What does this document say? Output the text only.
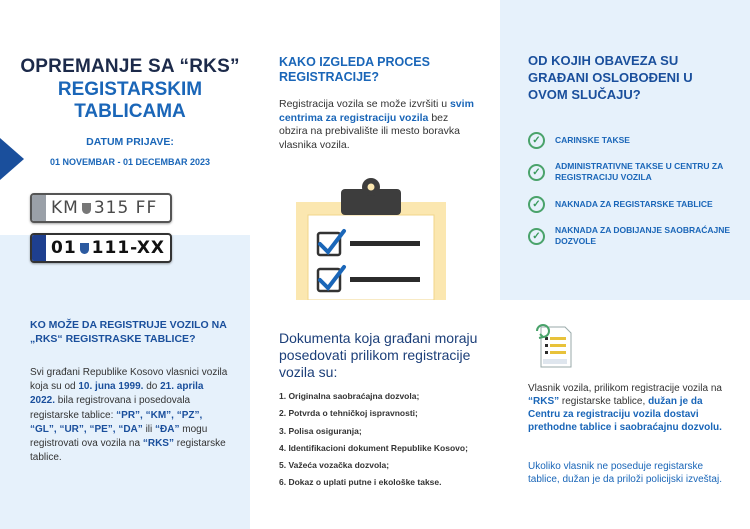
OPREMANJE SA “RKS”
REGISTARSKIM
TABLICAMA
DATUM PRIJAVE:
01 NOVEMBAR - 01 DECEMBAR 2023
KM 315 FF
01 111-XX
KO MOŽE DA REGISTRUJE VOZILO NA „RKS“ REGISTRASKE TABLICE?
Svi građani Republike Kosovo vlasnici vozila koja su od 10. juna 1999. do 21. aprila 2022. bila registrovana i posedovala registarske tablice: “PR”, “KM”, “PZ”, “GL”, “UR”, “PE”, “DA” ili “ĐA” mogu registrovati ova vozila na “RKS” registarske tablice.
KAKO IZGLEDA PROCES REGISTRACIJE?
Registracija vozila se može izvršiti u svim centrima za registraciju vozila bez obzira na prebivalište ili mesto boravka vlasnika vozila.
Dokumenta koja građani moraju posedovati prilikom registracije vozila su:
1. Originalna saobraćajna dozvola;
2. Potvrda o tehničkoj ispravnosti;
3. Polisa osiguranja;
4. Identifikacioni dokument Republike Kosovo;
5. Važeća vozačka dozvola;
6. Dokaz o uplati putne i ekološke takse.
OD KOJIH OBAVEZA SU GRAĐANI OSLOBOĐENI U OVOM SLUČAJU?
✓	CARINSKE TAKSE
✓
ADMINISTRATIVNE TAKSE U CENTRU ZA REGISTRACIJU VOZILA
✓	NAKNADA ZA REGISTARSKE TABLICE
✓
NAKNADA ZA DOBIJANJE SAOBRAĆAJNE DOZVOLE
Vlasnik vozila, prilikom registracije vozila na “RKS” registarske tablice, dužan je da Centru za registraciju vozila dostavi prethodne tablice i saobraćajnu dozvolu.
Ukoliko vlasnik ne poseduje registarske tablice, dužan je da priloži policijski izveštaj.
